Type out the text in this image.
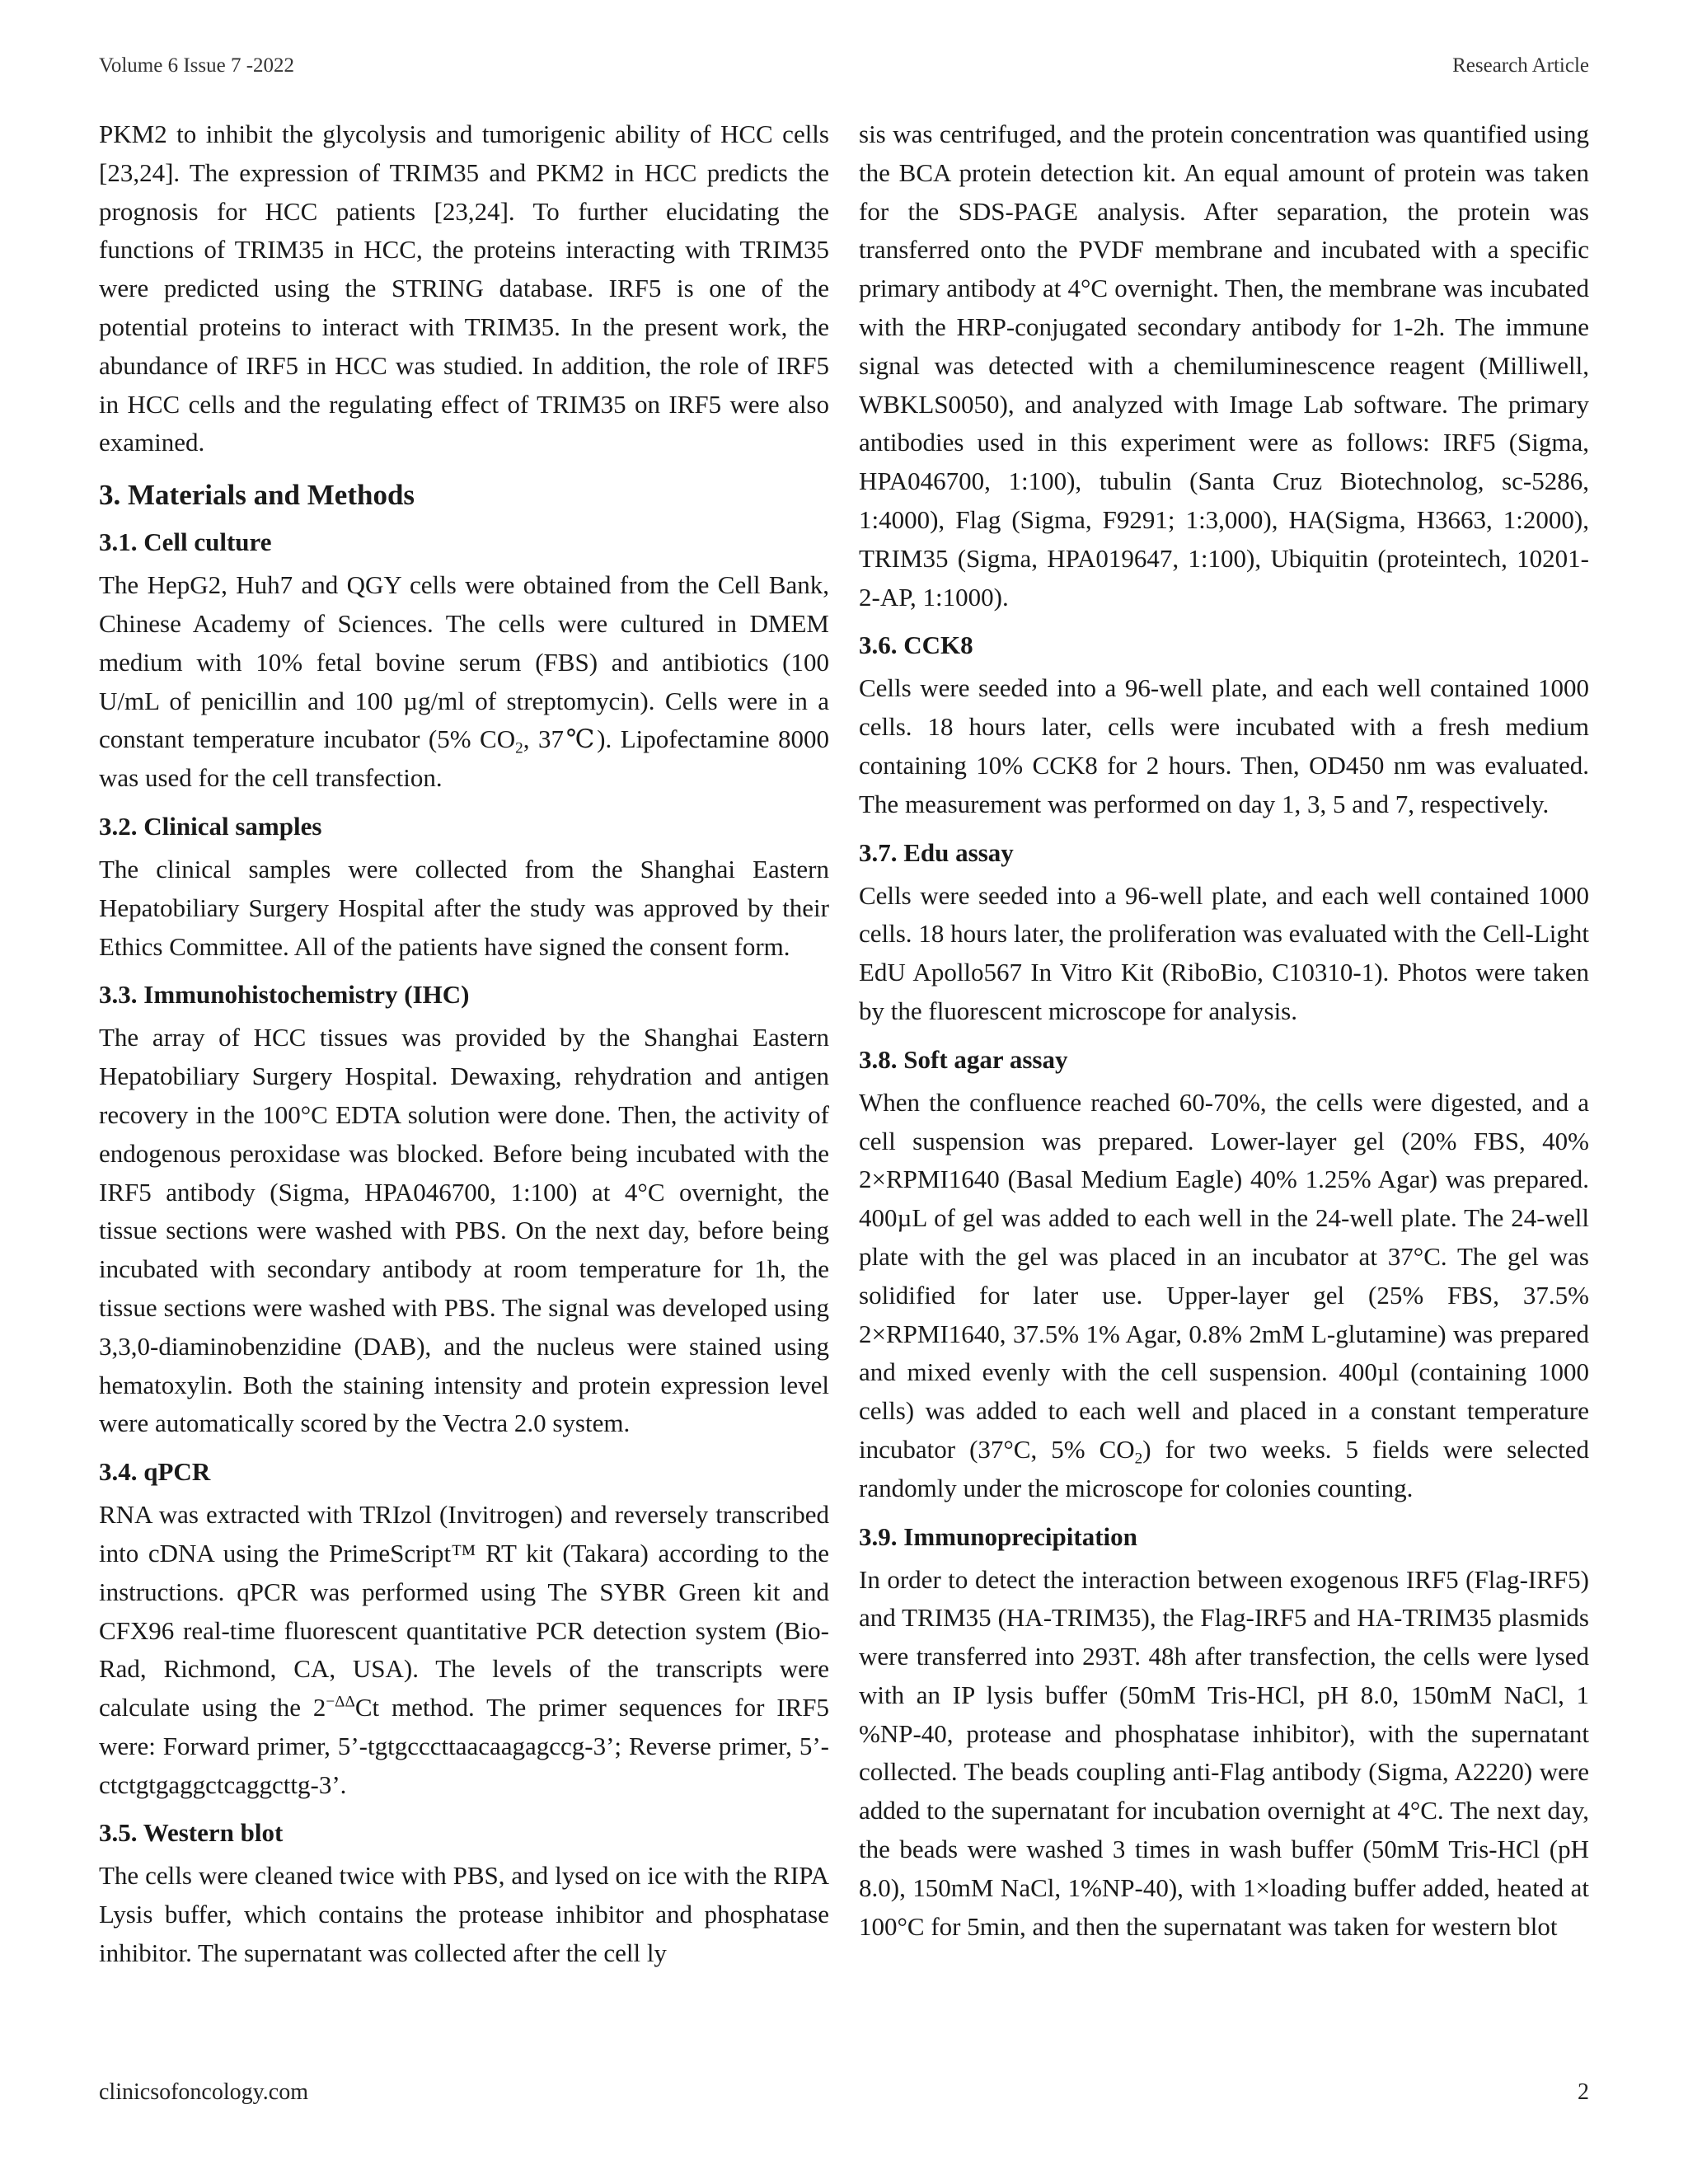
Volume 6 Issue 7 -2022	Research Article

PKM2 to inhibit the glycolysis and tumorigenic ability of HCC cells [23,24]. The expression of TRIM35 and PKM2 in HCC predicts the prognosis for HCC patients [23,24]. To further elucidating the functions of TRIM35 in HCC, the proteins interacting with TRIM35 were predicted using the STRING database. IRF5 is one of the potential proteins to interact with TRIM35. In the present work, the abundance of IRF5 in HCC was studied. In addition, the role of IRF5 in HCC cells and the regulating effect of TRIM35 on IRF5 were also examined.

3. Materials and Methods
3.1. Cell culture

The HepG2, Huh7 and QGY cells were obtained from the Cell Bank, Chinese Academy of Sciences. The cells were cultured in DMEM medium with 10% fetal bovine serum (FBS) and antibiotics (100 U/mL of penicillin and 100 µg/ml of streptomycin). Cells were in a constant temperature incubator (5% $CO_2$, 37℃). Lipofectamine 8000 was used for the cell transfection.

3.2. Clinical samples

The clinical samples were collected from the Shanghai Eastern Hepatobiliary Surgery Hospital after the study was approved by their Ethics Committee. All of the patients have signed the consent form.

3.3. Immunohistochemistry (IHC)

The array of HCC tissues was provided by the Shanghai Eastern Hepatobiliary Surgery Hospital. Dewaxing, rehydration and antigen recovery in the 100°C EDTA solution were done. Then, the activity of endogenous peroxidase was blocked. Before being incubated with the IRF5 antibody (Sigma, HPA046700, 1:100) at 4°C overnight, the tissue sections were washed with PBS. On the next day, before being incubated with secondary antibody at room temperature for 1h, the tissue sections were washed with PBS. The signal was developed using 3,3,0-diaminobenzidine (DAB), and the nucleus were stained using hematoxylin. Both the staining intensity and protein expression level were automatically scored by the Vectra 2.0 system.

3.4. qPCR

RNA was extracted with TRIzol (Invitrogen) and reversely transcribed into cDNA using the PrimeScript™ RT kit (Takara) according to the instructions. qPCR was performed using The SYBR Green kit and CFX96 real-time fluorescent quantitative PCR detection system (Bio-Rad, Richmond, CA, USA). The levels of the transcripts were calculate using the $2^{-\Delta\Delta}Ct$ method. The primer sequences for IRF5 were: Forward primer, 5’-tgtgcccttaacaagagccg-3’; Reverse primer, 5’-ctctgtgaggctcaggcttg-3’.

3.5. Western blot

The cells were cleaned twice with PBS, and lysed on ice with the RIPA Lysis buffer, which contains the protease inhibitor and phosphatase inhibitor. The supernatant was collected after the cell ly

sis was centrifuged, and the protein concentration was quantified using the BCA protein detection kit. An equal amount of protein was taken for the SDS-PAGE analysis. After separation, the protein was transferred onto the PVDF membrane and incubated with a specific primary antibody at 4°C overnight. Then, the membrane was incubated with the HRP-conjugated secondary antibody for 1-2h. The immune signal was detected with a chemiluminescence reagent (Milliwell, WBKLS0050), and analyzed with Image Lab software. The primary antibodies used in this experiment were as follows: IRF5 (Sigma, HPA046700, 1:100), tubulin (Santa Cruz Biotechnolog, sc-5286, 1:4000), Flag (Sigma, F9291; 1:3,000), HA(Sigma, H3663, 1:2000), TRIM35 (Sigma, HPA019647, 1:100), Ubiquitin (proteintech, 10201-2-AP, 1:1000).

3.6. CCK8

Cells were seeded into a 96-well plate, and each well contained 1000 cells. 18 hours later, cells were incubated with a fresh medium containing 10% CCK8 for 2 hours. Then, OD450 nm was evaluated. The measurement was performed on day 1, 3, 5 and 7, respectively.

3.7. Edu assay

Cells were seeded into a 96-well plate, and each well contained 1000 cells. 18 hours later, the proliferation was evaluated with the Cell-Light EdU Apollo567 In Vitro Kit (RiboBio, C10310-1). Photos were taken by the fluorescent microscope for analysis.

3.8. Soft agar assay

When the confluence reached 60-70%, the cells were digested, and a cell suspension was prepared. Lower-layer gel (20% FBS, 40% 2×RPMI1640 (Basal Medium Eagle) 40% 1.25% Agar) was prepared. 400µL of gel was added to each well in the 24-well plate. The 24-well plate with the gel was placed in an incubator at 37°C. The gel was solidified for later use. Upper-layer gel (25% FBS, 37.5% 2×RPMI1640, 37.5% 1% Agar, 0.8% 2mM L-glutamine) was prepared and mixed evenly with the cell suspension. 400µl (containing 1000 cells) was added to each well and placed in a constant temperature incubator (37°C, 5% $CO_2$) for two weeks. 5 fields were selected randomly under the microscope for colonies counting.

3.9. Immunoprecipitation

In order to detect the interaction between exogenous IRF5 (Flag-IRF5) and TRIM35 (HA-TRIM35), the Flag-IRF5 and HA-TRIM35 plasmids were transferred into 293T. 48h after transfection, the cells were lysed with an IP lysis buffer (50mM Tris-HCl, pH 8.0, 150mM NaCl, 1 %NP-40, protease and phosphatase inhibitor), with the supernatant collected. The beads coupling anti-Flag antibody (Sigma, A2220) were added to the supernatant for incubation overnight at 4°C. The next day, the beads were washed 3 times in wash buffer (50mM Tris-HCl (pH 8.0), 150mM NaCl, 1%NP-40), with 1×loading buffer added, heated at 100°C for 5min, and then the supernatant was taken for western blot

clinicsofoncology.com	2
